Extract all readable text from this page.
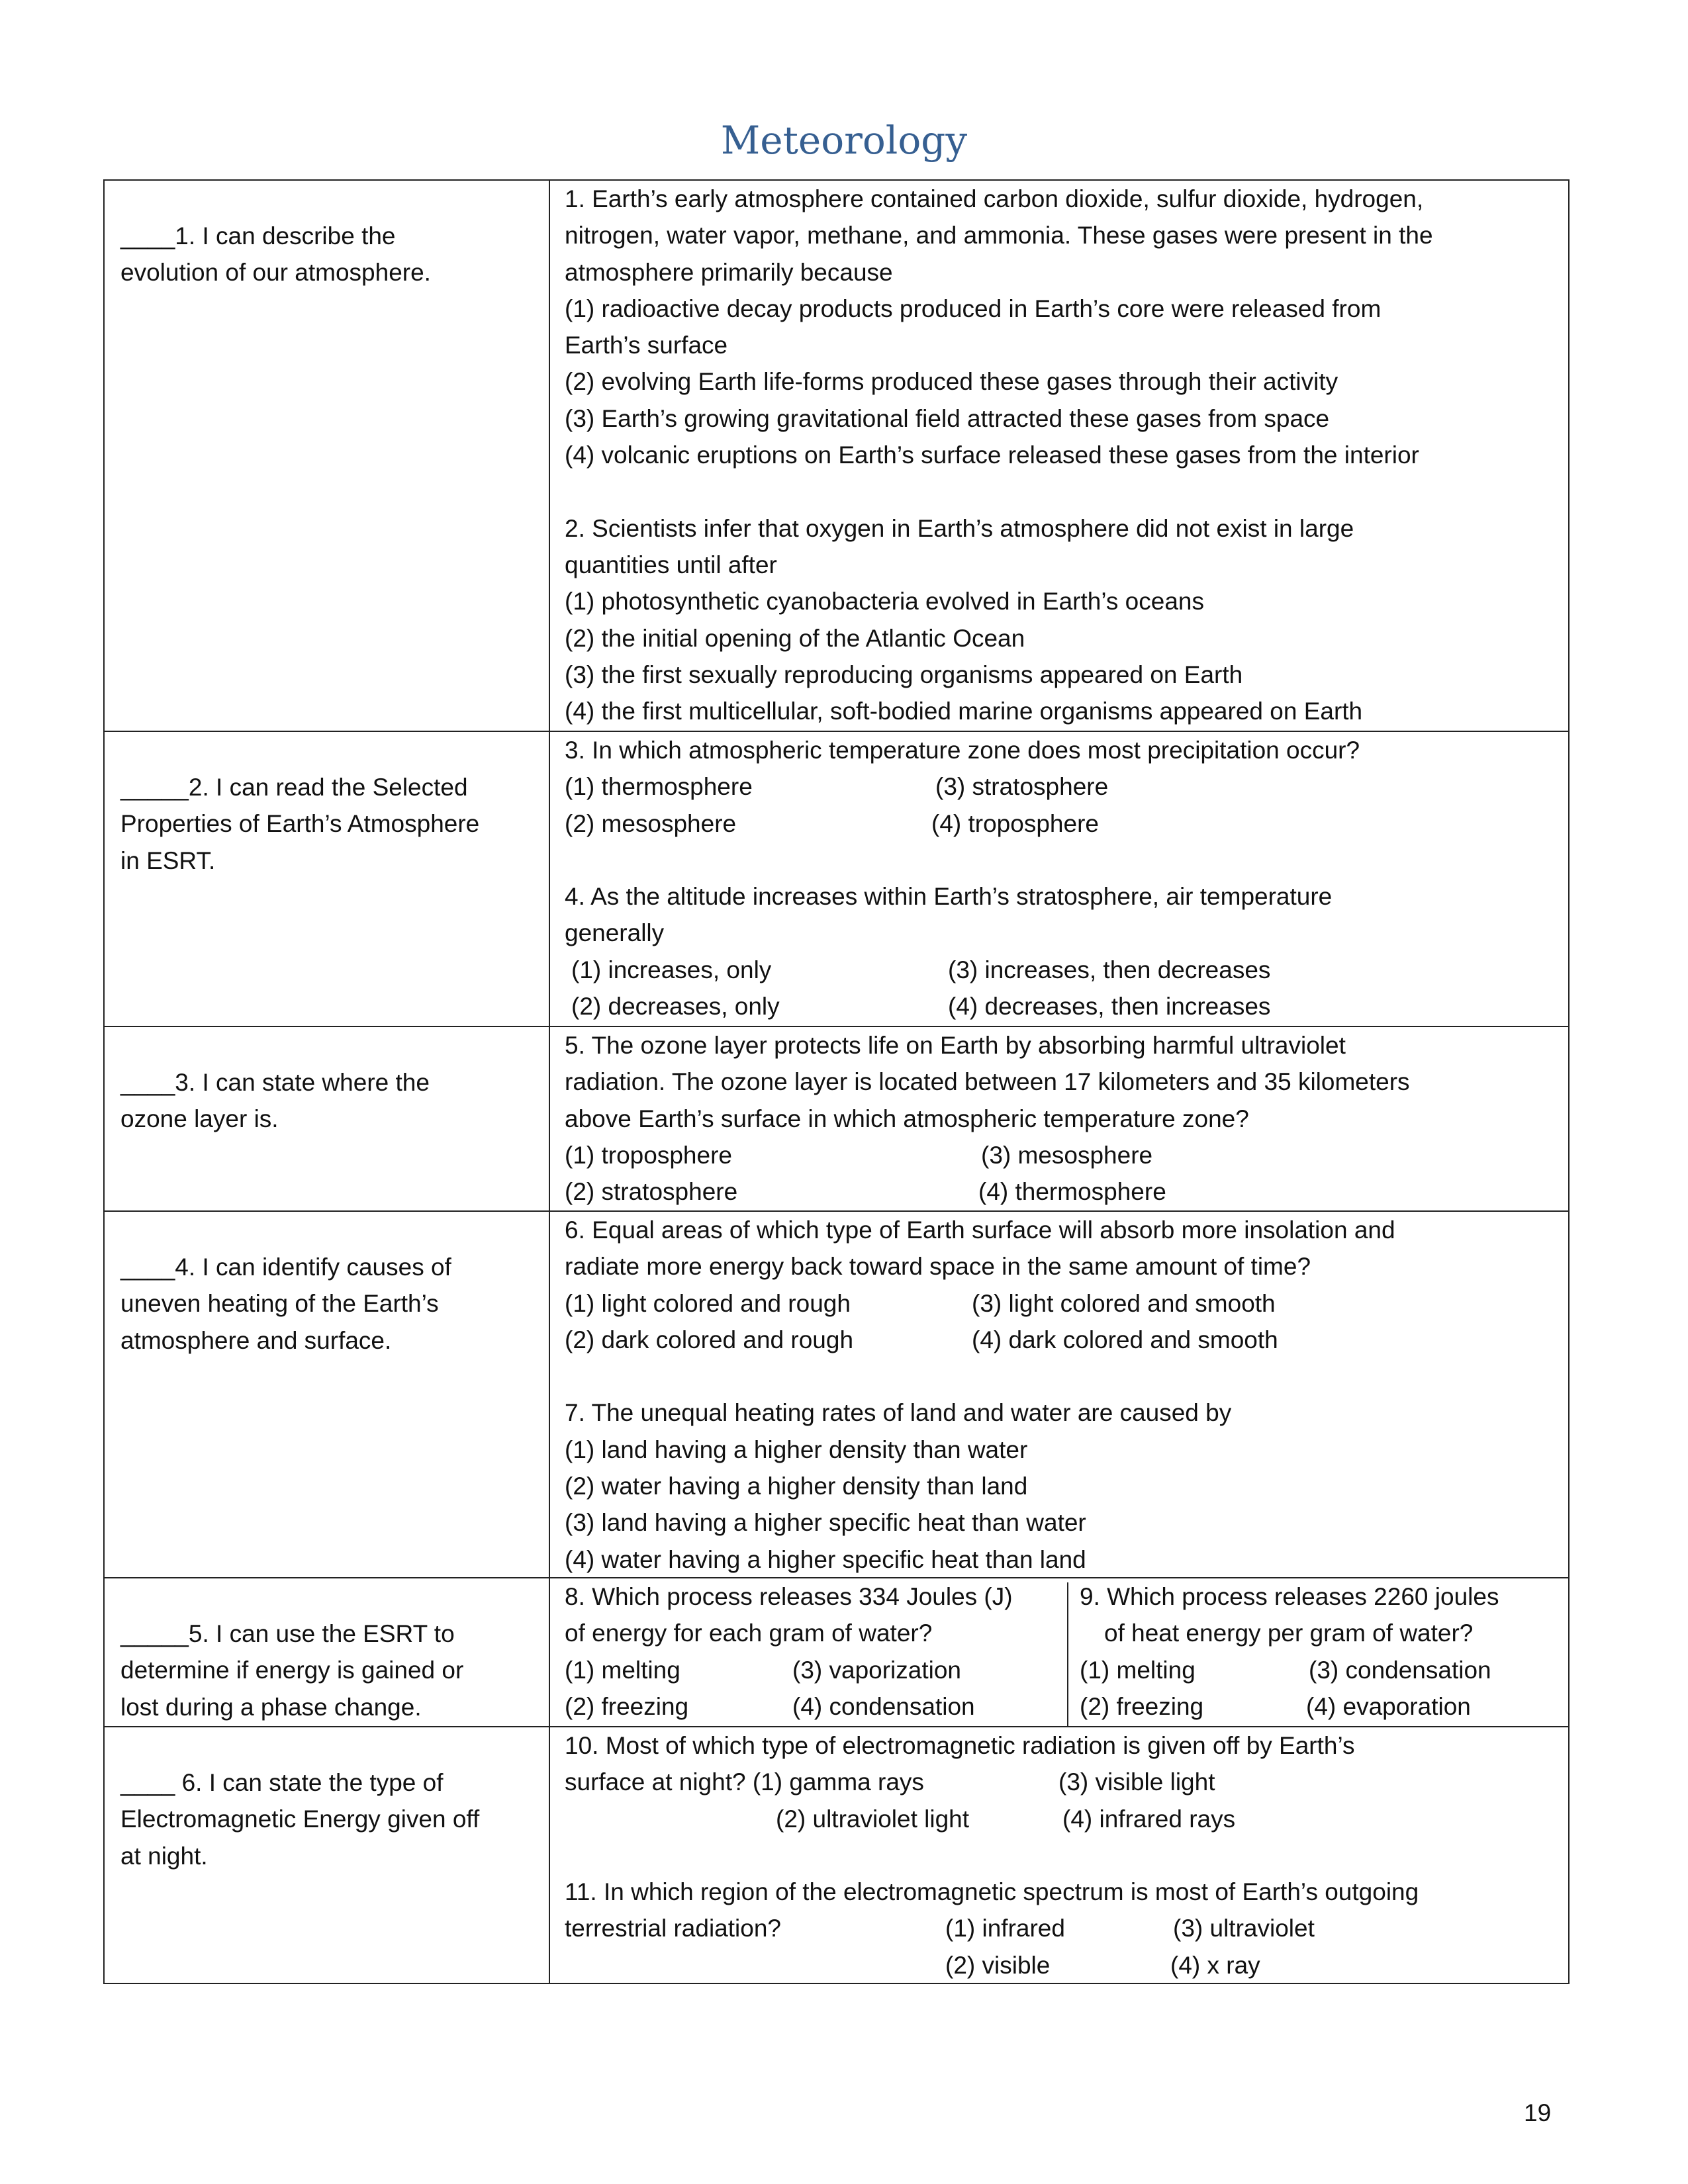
Meteorology
____1. I can describe the
evolution of our atmosphere.
1. Earth’s early atmosphere contained carbon dioxide, sulfur dioxide, hydrogen,
nitrogen, water vapor, methane, and ammonia. These gases were present in the
atmosphere primarily because
(1) radioactive decay products produced in Earth’s core were released from
Earth’s surface
(2) evolving Earth life-forms produced these gases through their activity
(3) Earth’s growing gravitational field attracted these gases from space
(4) volcanic eruptions on Earth’s surface released these gases from the interior
2. Scientists infer that oxygen in Earth’s atmosphere did not exist in large
quantities until after
(1) photosynthetic cyanobacteria evolved in Earth’s oceans
(2) the initial opening of the Atlantic Ocean
(3) the first sexually reproducing organisms appeared on Earth
(4) the first multicellular, soft-bodied marine organisms appeared on Earth
_____2. I can read the Selected
Properties of Earth’s Atmosphere
in ESRT.
3. In which atmospheric temperature zone does most precipitation occur?
(1) thermosphere	(3) stratosphere
(2) mesosphere	(4) troposphere
4. As the altitude increases within Earth’s stratosphere, air temperature
generally
(1) increases, only	(3) increases, then decreases
(2) decreases, only	(4) decreases, then increases
____3. I can state where the
ozone layer is.
5. The ozone layer protects life on Earth by absorbing harmful ultraviolet
radiation. The ozone layer is located between 17 kilometers and 35 kilometers
above Earth’s surface in which atmospheric temperature zone?
(1) troposphere	(3) mesosphere
(2) stratosphere	(4) thermosphere
____4. I can identify causes of
uneven heating of the Earth’s
atmosphere and surface.
6. Equal areas of which type of Earth surface will absorb more insolation and
radiate more energy back toward space in the same amount of time?
(1) light colored and rough	(3) light colored and smooth
(2) dark colored and rough	(4) dark colored and smooth
7. The unequal heating rates of land and water are caused by
(1) land having a higher density than water
(2) water having a higher density than land
(3) land having a higher specific heat than water
(4) water having a higher specific heat than land
_____5. I can use the ESRT to
determine if energy is gained or
lost during a phase change.
8. Which process releases 334 Joules (J)
of energy for each gram of water?
(1) melting	(3) vaporization
(2) freezing	(4) condensation
9. Which process releases 2260 joules
of heat energy per gram of water?
(1) melting	(3) condensation
(2) freezing	(4) evaporation
____ 6. I can state the type of
Electromagnetic Energy given off
at night.
10. Most of which type of electromagnetic radiation is given off by Earth’s
surface at night? (1) gamma rays	(3) visible light
(2) ultraviolet light	(4) infrared rays
11. In which region of the electromagnetic spectrum is most of Earth’s outgoing
terrestrial radiation?	(1) infrared	(3) ultraviolet
(2) visible	(4) x ray
19
